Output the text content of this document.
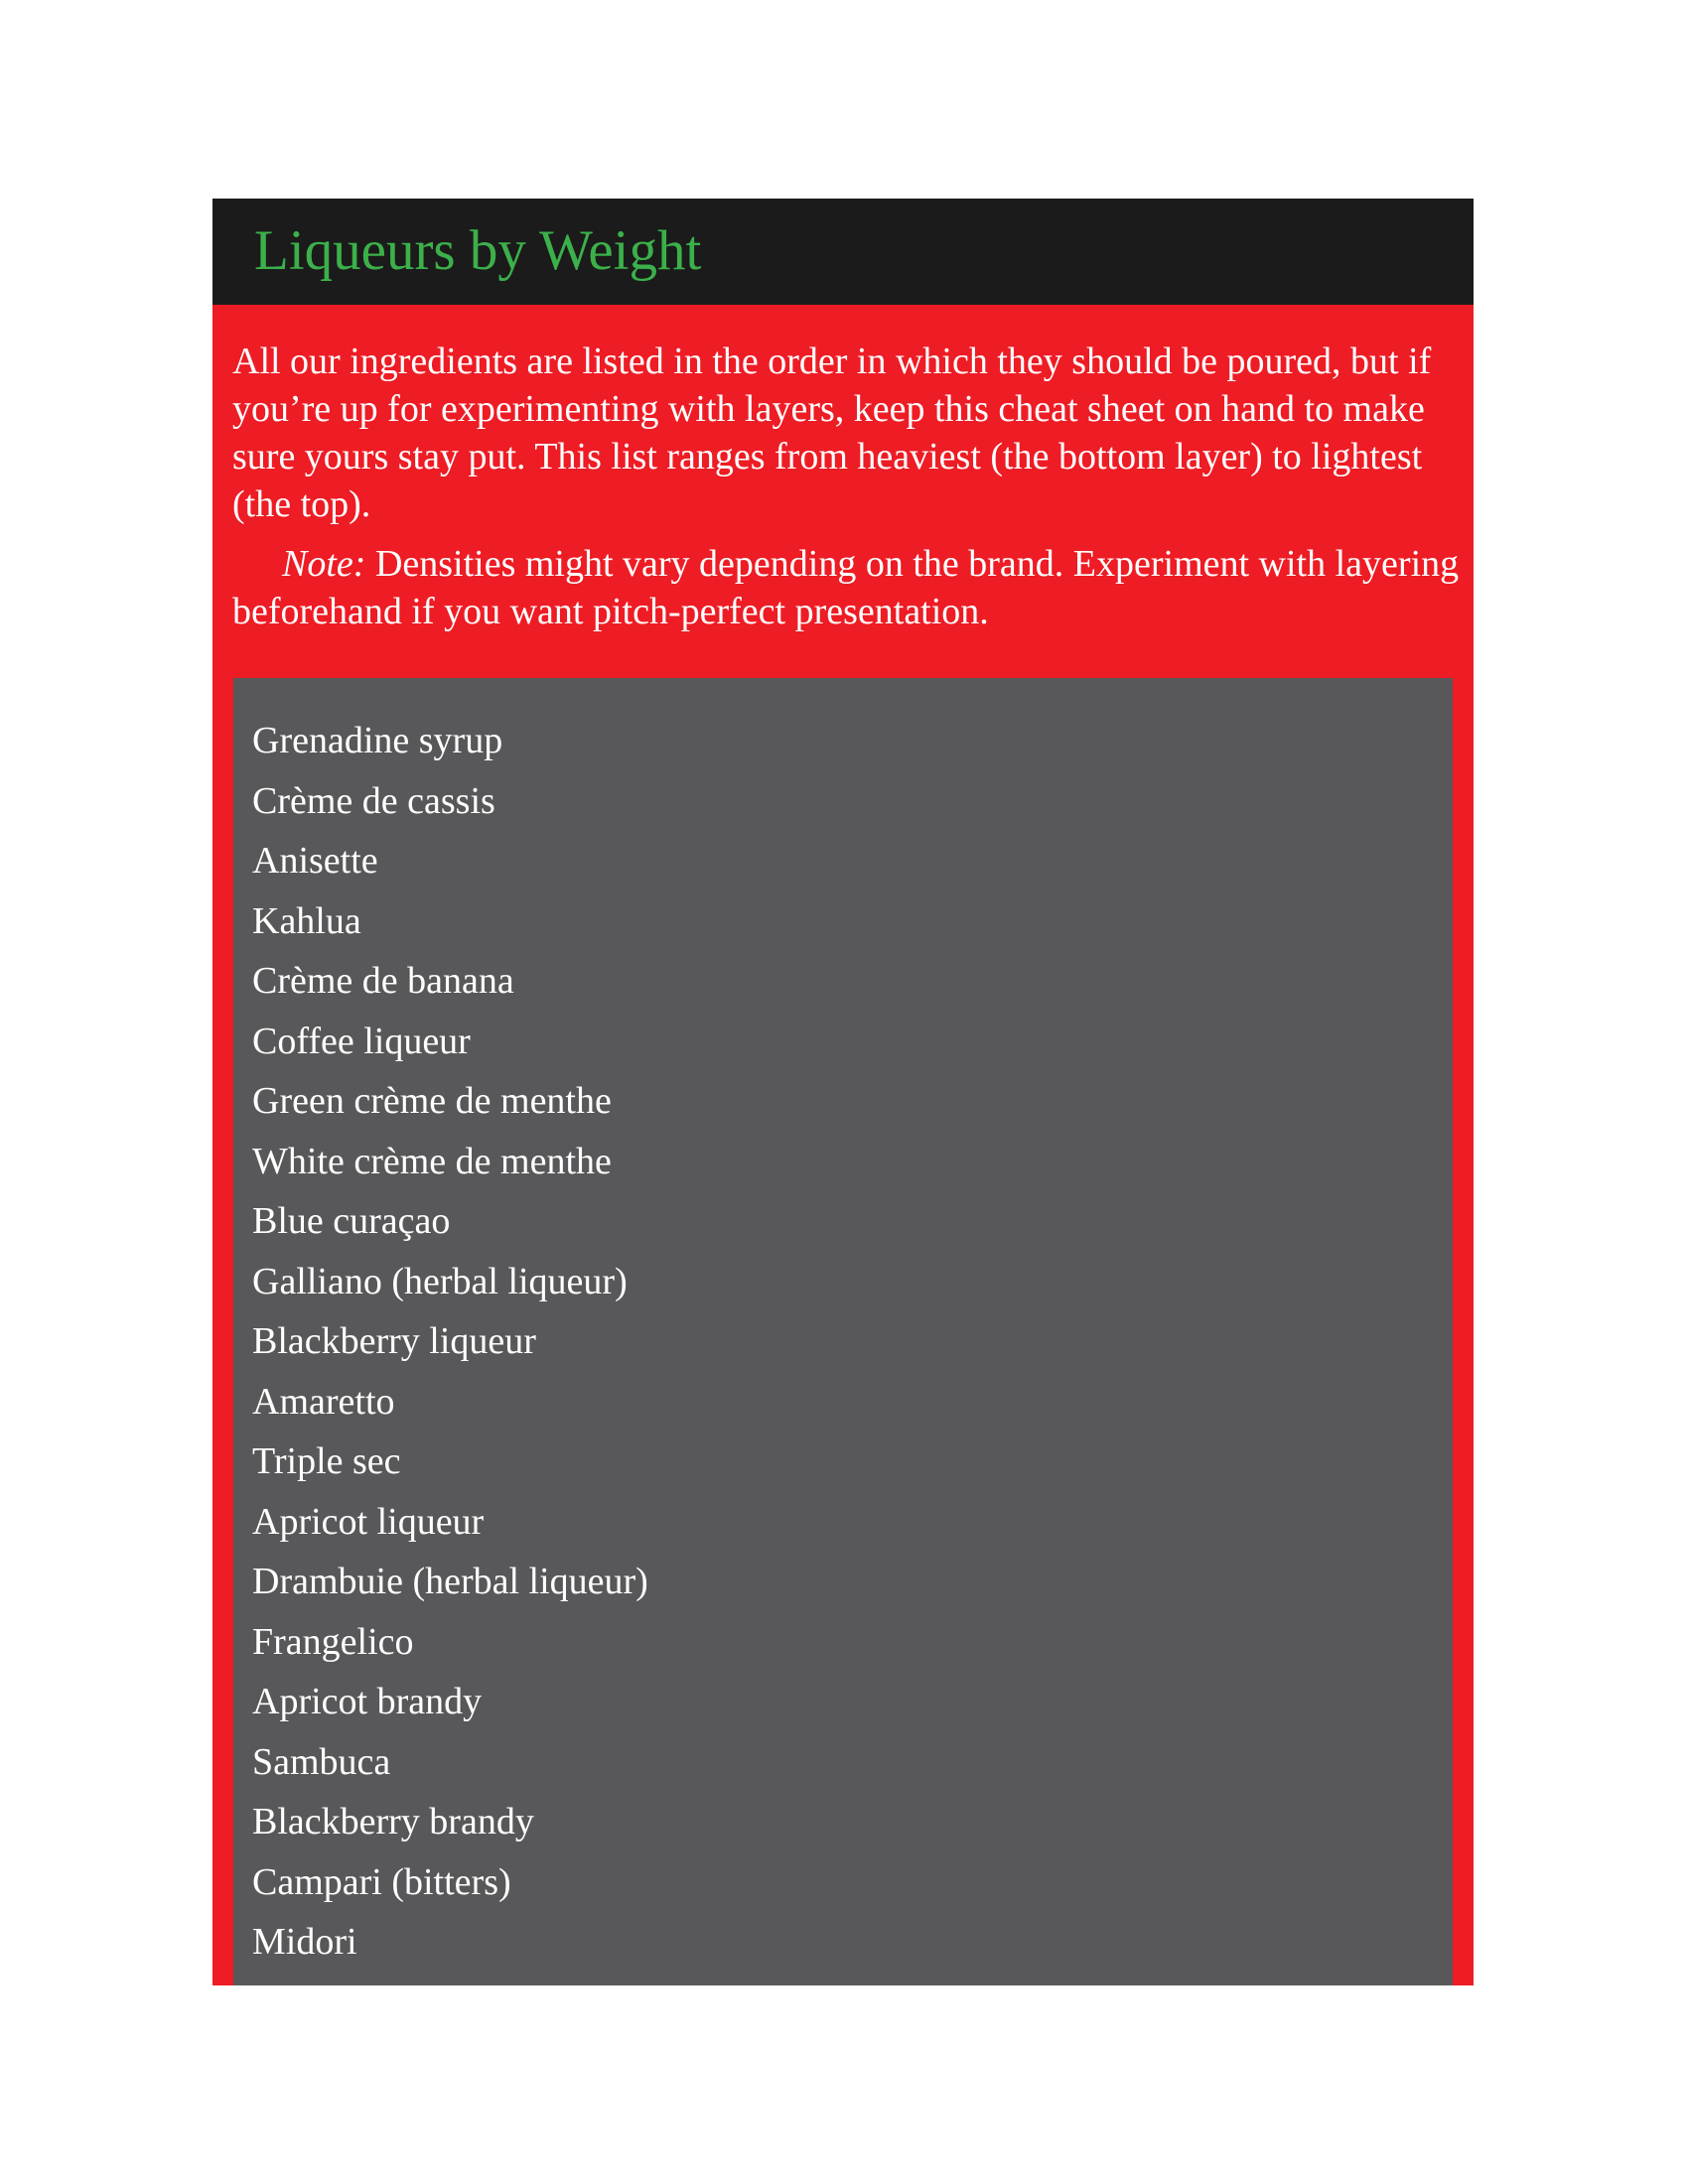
Liqueurs by Weight

All our ingredients are listed in the order in which they should be poured, but if you’re up for experimenting with layers, keep this cheat sheet on hand to make sure yours stay put. This list ranges from heaviest (the bottom layer) to lightest (the top).

Note: Densities might vary depending on the brand. Experiment with layering beforehand if you want pitch-perfect presentation.

Grenadine syrup
Crème de cassis
Anisette
Kahlua
Crème de banana
Coffee liqueur
Green crème de menthe
White crème de menthe
Blue curaçao
Galliano (herbal liqueur)
Blackberry liqueur
Amaretto
Triple sec
Apricot liqueur
Drambuie (herbal liqueur)
Frangelico
Apricot brandy
Sambuca
Blackberry brandy
Campari (bitters)
Midori
